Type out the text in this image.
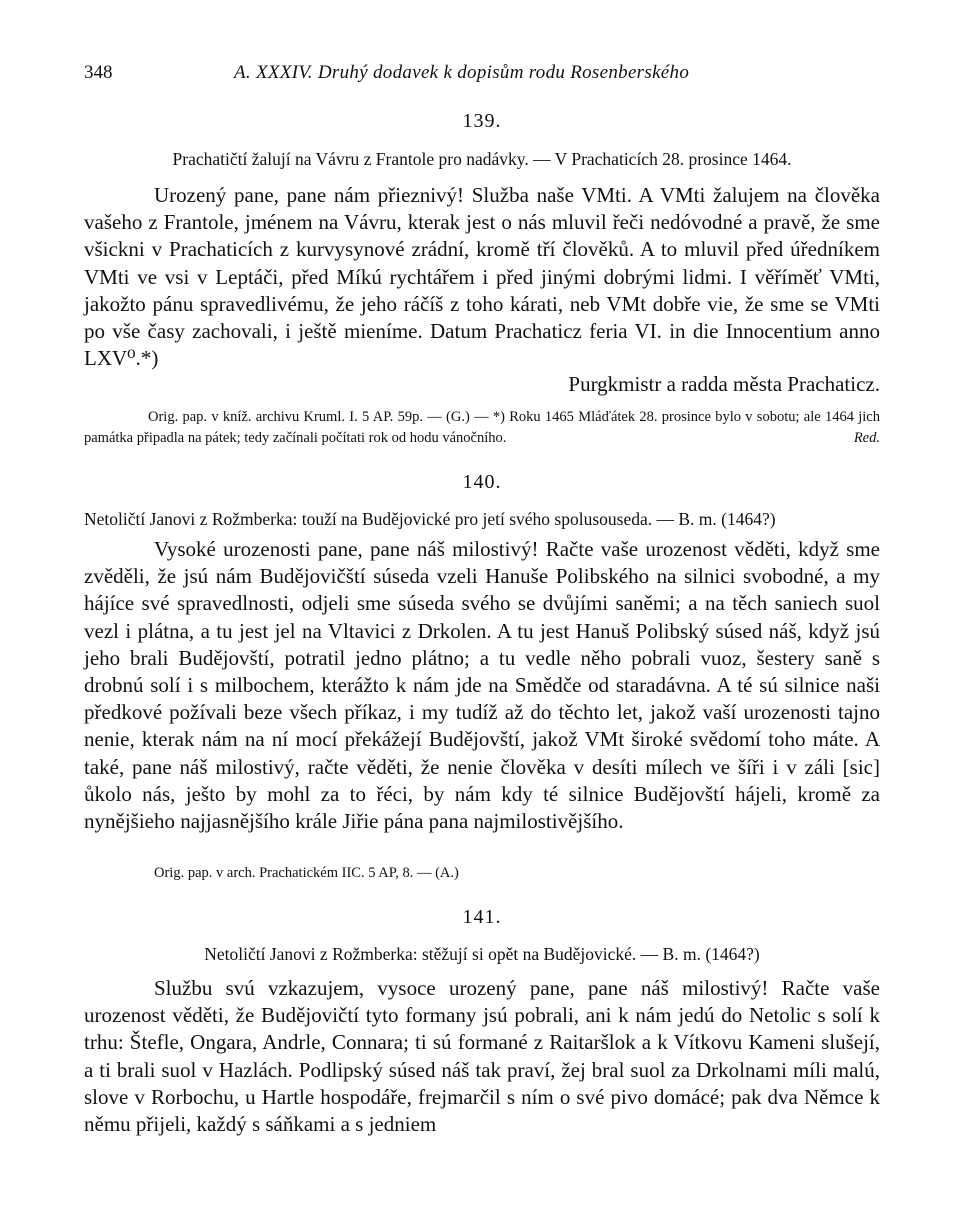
348	A. XXXIV. Druhý dodavek k dopisům rodu Rosenberského
139.
Prachatičtí žalují na Vávru z Frantole pro nadávky. — V Prachaticích 28. prosince 1464.

Urozený pane, pane nám přieznivý! Služba naše VMti. A VMti žalujem na člověka vašeho z Frantole, jménem na Vávru, kterak jest o nás mluvil řeči nedóvodné a pravě, že sme všickni v Prachaticích z kurvysynové zrádní, kromě tří člověků. A to mluvil před úředníkem VMti ve vsi v Leptáči, před Míkú rychtářem i před jinými dobrými lidmi. I věříměť VMti, jakožto pánu spravedlivému, že jeho ráčíš z toho kárati, neb VMt dobře vie, že sme se VMti po vše časy zachovali, i ještě mieníme. Datum Prachaticz feria VI. in die Innocentium anno LXV⁰.*)

Purgkmistr a radda města Prachaticz.

Orig. pap. v kníž. archivu Kruml. I. 5 AP. 59p. — (G.) — *) Roku 1465 Mláďátek 28. prosince bylo v sobotu; ale 1464 jich památka připadla na pátek; tedy začínali počítati rok od hodu vánočního.	Red.

140.
Netoličtí Janovi z Rožmberka: touží na Budějovické pro jetí svého spolusouseda. — B. m. (1464?)

Vysoké urozenosti pane, pane náš milostivý! Račte vaše urozenost věděti, když sme zvěděli, že jsú nám Budějovičští súseda vzeli Hanuše Polibského na silnici svobodné, a my hájíce své spravedlnosti, odjeli sme súseda svého se dvůjími saněmi; a na těch saniech suol vezl i plátna, a tu jest jel na Vltavici z Drkolen. A tu jest Hanuš Polibský súsed náš, když jsú jeho brali Budějovští, potratil jedno plátno; a tu vedle něho pobrali vuoz, šestery saně s drobnú solí i s milbochem, kterážto k nám jde na Smědče od staradávna. A té sú silnice naši předkové požívali beze všech příkaz, i my tudíž až do těchto let, jakož vaší urozenosti tajno nenie, kterak nám na ní mocí překážejí Budějovští, jakož VMt široké svědomí toho máte. A také, pane náš milostivý, račte věděti, že nenie člověka v desíti mílech ve šíři i v záli [sic] ůkolo nás, ješto by mohl za to řéci, by nám kdy té silnice Budějovští hájeli, kromě za nynějšieho najjasnějšího krále Jiřie pána pana najmilostivějšího.

Orig. pap. v arch. Prachatickém IIC. 5 AP, 8. — (A.)
141.
Netoličtí Janovi z Rožmberka: stěžují si opět na Budějovické. — B. m. (1464?)

Službu svú vzkazujem, vysoce urozený pane, pane náš milostivý! Račte vaše urozenost věděti, že Budějovičtí tyto formany jsú pobrali, ani k nám jedú do Netolic s solí k trhu: Štefle, Ongara, Andrle, Connara; ti sú formané z Raitaršlok a k Vítkovu Kameni slušejí, a ti brali suol v Hazlách. Podlipský súsed náš tak praví, žej bral suol za Drkolnami míli malú, slove v Rorbochu, u Hartle hospodáře, frejmarčil s ním o své pivo domácé; pak dva Němce k němu přijeli, každý s sáňkami a s jedniem
